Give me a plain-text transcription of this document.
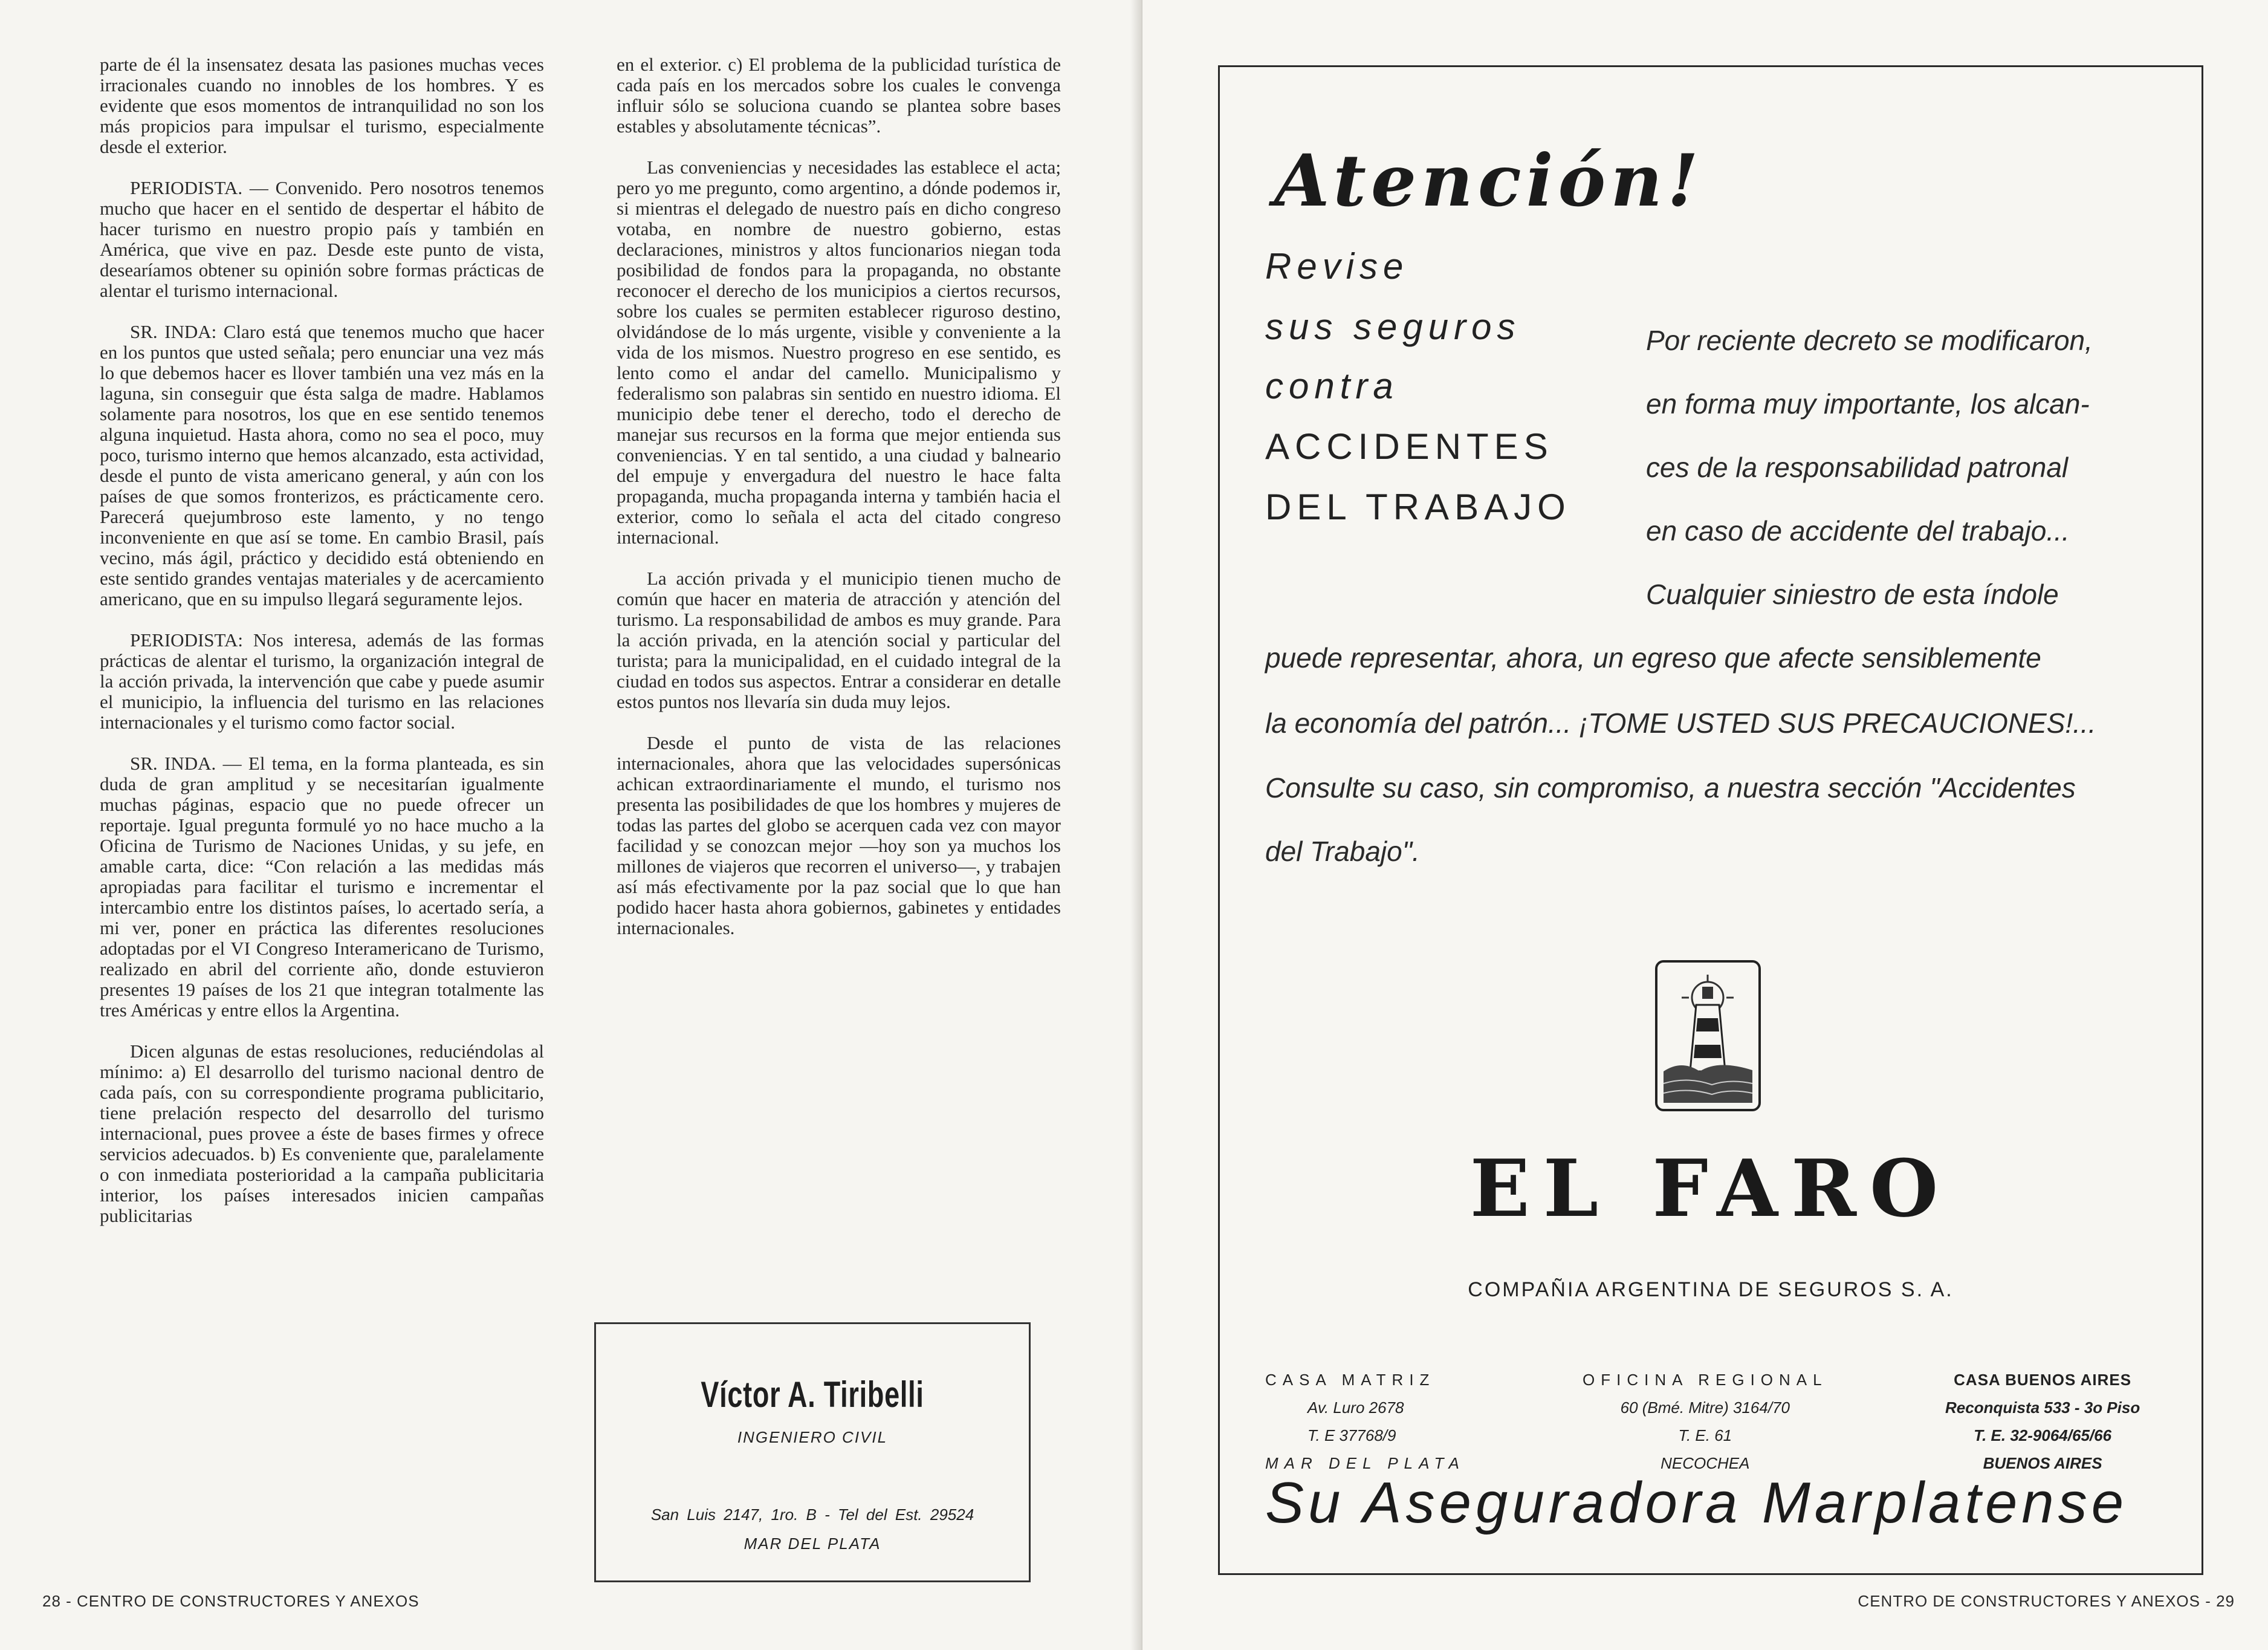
parte de él la insensatez desata las pasiones muchas veces irracionales cuando no innobles de los hombres. Y es evidente que esos momentos de intranquilidad no son los más propicios para impulsar el turismo, especialmente desde el exterior.

PERIODISTA. — Convenido. Pero nosotros tenemos mucho que hacer en el sentido de despertar el hábito de hacer turismo en nuestro propio país y también en América, que vive en paz. Desde este punto de vista, desearíamos obtener su opinión sobre formas prácticas de alentar el turismo internacional.

SR. INDA: Claro está que tenemos mucho que hacer en los puntos que usted señala; pero enunciar una vez más lo que debemos hacer es llover también una vez más en la laguna, sin conseguir que ésta salga de madre. Hablamos solamente para nosotros, los que en ese sentido tenemos alguna inquietud. Hasta ahora, como no sea el poco, muy poco, turismo interno que hemos alcanzado, esta actividad, desde el punto de vista americano general, y aún con los países de que somos fronterizos, es prácticamente cero. Parecerá quejumbroso este lamento, y no tengo inconveniente en que así se tome. En cambio Brasil, país vecino, más ágil, práctico y decidido está obteniendo en este sentido grandes ventajas materiales y de acercamiento americano, que en su impulso llegará seguramente lejos.

PERIODISTA: Nos interesa, además de las formas prácticas de alentar el turismo, la organización integral de la acción privada, la intervención que cabe y puede asumir el municipio, la influencia del turismo en las relaciones internacionales y el turismo como factor social.

SR. INDA. — El tema, en la forma planteada, es sin duda de gran amplitud y se necesitarían igualmente muchas páginas, espacio que no puede ofrecer un reportaje. Igual pregunta formulé yo no hace mucho a la Oficina de Turismo de Naciones Unidas, y su jefe, en amable carta, dice: “Con relación a las medidas más apropiadas para facilitar el turismo e incrementar el intercambio entre los distintos países, lo acertado sería, a mi ver, poner en práctica las diferentes resoluciones adoptadas por el VI Congreso Interamericano de Turismo, realizado en abril del corriente año, donde estuvieron presentes 19 países de los 21 que integran totalmente las tres Américas y entre ellos la Argentina.

Dicen algunas de estas resoluciones, reduciéndolas al mínimo: a) El desarrollo del turismo nacional dentro de cada país, con su correspondiente programa publicitario, tiene prelación respecto del desarrollo del turismo internacional, pues provee a éste de bases firmes y ofrece servicios adecuados. b) Es conveniente que, paralelamente o con inmediata posterioridad a la campaña publicitaria interior, los países interesados inicien campañas publicitarias

en el exterior. c) El problema de la publicidad turística de cada país en los mercados sobre los cuales le convenga influir sólo se soluciona cuando se plantea sobre bases estables y absolutamente técnicas”.

Las conveniencias y necesidades las establece el acta; pero yo me pregunto, como argentino, a dónde podemos ir, si mientras el delegado de nuestro país en dicho congreso votaba, en nombre de nuestro gobierno, estas declaraciones, ministros y altos funcionarios niegan toda posibilidad de fondos para la propaganda, no obstante reconocer el derecho de los municipios a ciertos recursos, sobre los cuales se permiten establecer riguroso destino, olvidándose de lo más urgente, visible y conveniente a la vida de los mismos. Nuestro progreso en ese sentido, es lento como el andar del camello. Municipalismo y federalismo son palabras sin sentido en nuestro idioma. El municipio debe tener el derecho, todo el derecho de manejar sus recursos en la forma que mejor entienda sus conveniencias. Y en tal sentido, a una ciudad y balneario del empuje y envergadura del nuestro le hace falta propaganda, mucha propaganda interna y también hacia el exterior, como lo señala el acta del citado congreso internacional.

La acción privada y el municipio tienen mucho de común que hacer en materia de atracción y atención del turismo. La responsabilidad de ambos es muy grande. Para la acción privada, en la atención social y particular del turista; para la municipalidad, en el cuidado integral de la ciudad en todos sus aspectos. Entrar a considerar en detalle estos puntos nos llevaría sin duda muy lejos.

Desde el punto de vista de las relaciones internacionales, ahora que las velocidades supersónicas achican extraordinariamente el mundo, el turismo nos presenta las posibilidades de que los hombres y mujeres de todas las partes del globo se acerquen cada vez con mayor facilidad y se conozcan mejor —hoy son ya muchos los millones de viajeros que recorren el universo—, y trabajen así más efectivamente por la paz social que lo que han podido hacer hasta ahora gobiernos, gabinetes y entidades internacionales.

Víctor A. Tiribelli
INGENIERO CIVIL
San Luis 2147, 1ro. B - Tel del Est. 29524
MAR DEL PLATA
28 - CENTRO DE CONSTRUCTORES Y ANEXOS
Atención!
Revise
sus seguros
contra
ACCIDENTES
DEL TRABAJO
Por reciente decreto se modificaron,
en forma muy importante, los alcan-
ces de la responsabilidad patronal
en caso de accidente del trabajo...
Cualquier siniestro de esta índole
puede representar, ahora, un egreso que afecte sensiblemente
la economía del patrón... ¡TOME USTED SUS PRECAUCIONES!...
Consulte su caso, sin compromiso, a nuestra sección "Accidentes
del Trabajo".
EL FARO
COMPAÑIA ARGENTINA DE SEGUROS S. A.
CASA MATRIZ
Av. Luro 2678
T. E 37768/9
MAR DEL PLATA
OFICINA REGIONAL
60 (Bmé. Mitre) 3164/70
T. E. 61
NECOCHEA
CASA BUENOS AIRES
Reconquista 533 - 3o Piso
T. E. 32-9064/65/66
BUENOS AIRES
Su Aseguradora Marplatense
CENTRO DE CONSTRUCTORES Y ANEXOS - 29
